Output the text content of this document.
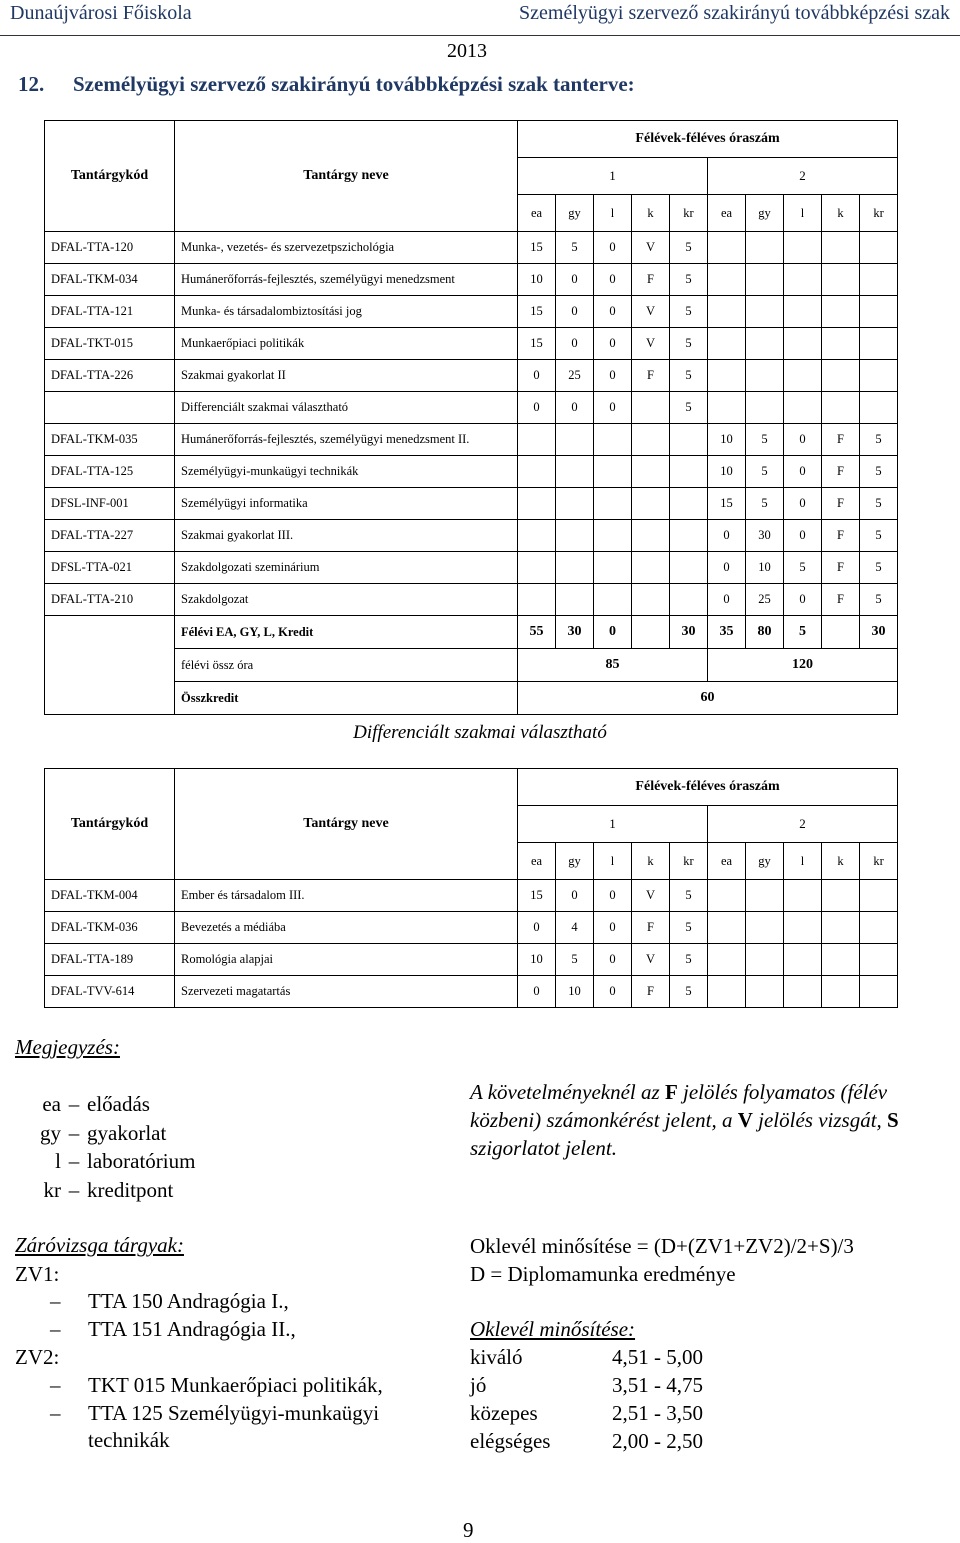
Dunaújvárosi Főiskola	Személyügyi szervező szakirányú továbbképzési szak
2013
12. Személyügyi szervező szakirányú továbbképzési szak tanterve:
		Félévek-féléves óraszám									
Tantárgykód	Tantárgy neve	1					2				
		ea	gy	l	k	kr	ea	gy	l	k	kr
DFAL-TTA-120	Munka-, vezetés- és szervezetpszichológia	15	5	0	V	5					
DFAL-TKM-034	Humánerőforrás-fejlesztés, személyügyi menedzsment	10	0	0	F	5					
DFAL-TTA-121	Munka- és társadalombiztosítási jog	15	0	0	V	5					
DFAL-TKT-015	Munkaerőpiaci politikák	15	0	0	V	5					
DFAL-TTA-226	Szakmai gyakorlat II	0	25	0	F	5					
	Differenciált szakmai választható	0	0	0		5					
DFAL-TKM-035	Humánerőforrás-fejlesztés, személyügyi menedzsment II.						10	5	0	F	5
DFAL-TTA-125	Személyügyi-munkaügyi technikák						10	5	0	F	5
DFSL-INF-001	Személyügyi informatika						15	5	0	F	5
DFAL-TTA-227	Szakmai gyakorlat III.						0	30	0	F	5
DFSL-TTA-021	Szakdolgozati szeminárium						0	10	5	F	5
DFAL-TTA-210	Szakdolgozat						0	25	0	F	5
	Félévi EA, GY, L, Kredit	55	30	0		30	35	80	5		30
	félévi össz óra	85					120				
	Összkredit	60									
Differenciált szakmai választható
		Félévek-féléves óraszám									
Tantárgykód	Tantárgy neve	1					2				
		ea	gy	l	k	kr	ea	gy	l	k	kr
DFAL-TKM-004	Ember és társadalom III.	15	0	0	V	5					
DFAL-TKM-036	Bevezetés a médiába	0	4	0	F	5					
DFAL-TTA-189	Romológia alapjai	10	5	0	V	5					
DFAL-TVV-614	Szervezeti magatartás	0	10	0	F	5					
Megjegyzés:
ea – előadás
gy – gyakorlat
l – laboratórium
kr – kreditpont
A követelményeknél az F jelölés folyamatos (félév közbeni) számonkérést jelent, a V jelölés vizsgát, S szigorlatot jelent.
Záróvizsga tárgyak:
ZV1:
– TTA 150 Andragógia I.,
– TTA 151 Andragógia II.,
ZV2:
– TKT 015 Munkaerőpiaci politikák,
– TTA 125 Személyügyi-munkaügyi
technikák
Oklevél minősítése = (D+(ZV1+ZV2)/2+S)/3
D = Diplomamunka eredménye
Oklevél minősítése:
kiváló	4,51 - 5,00
jó	3,51 - 4,75
közepes	2,51 - 3,50
elégséges	2,00 - 2,50
9
